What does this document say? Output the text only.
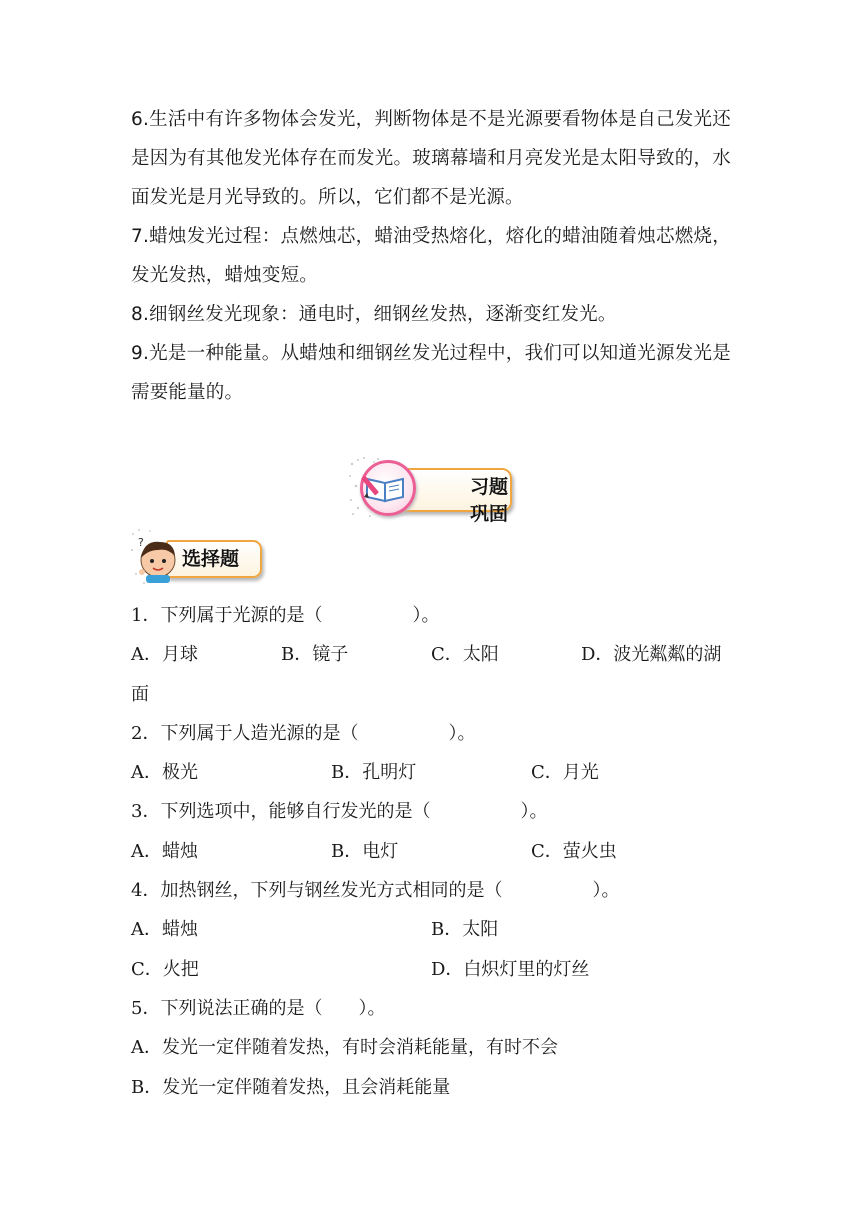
6.生活中有许多物体会发光，判断物体是不是光源要看物体是自己发光还是因为有其他发光体存在而发光。玻璃幕墙和月亮发光是太阳导致的，水面发光是月光导致的。所以，它们都不是光源。

7.蜡烛发光过程：点燃烛芯，蜡油受热熔化，熔化的蜡油随着烛芯燃烧，发光发热，蜡烛变短。

8.细钢丝发光现象：通电时，细钢丝发热，逐渐变红发光。

9.光是一种能量。从蜡烛和细钢丝发光过程中，我们可以知道光源发光是需要能量的。

习题巩固
?
选择题
1．下列属于光源的是（　　　　　）。
A．月球	B．镜子	C．太阳	D．波光粼粼的湖
面
2．下列属于人造光源的是（　　　　　）。
A．极光	B．孔明灯	C．月光
3．下列选项中，能够自行发光的是（　　　　　）。
A．蜡烛	B．电灯	C．萤火虫
4．加热钢丝，下列与钢丝发光方式相同的是（　　　　　）。
A．蜡烛	B．太阳
C．火把	D．白炽灯里的灯丝
5．下列说法正确的是（　　）。
A．发光一定伴随着发热，有时会消耗能量，有时不会
B．发光一定伴随着发热，且会消耗能量
